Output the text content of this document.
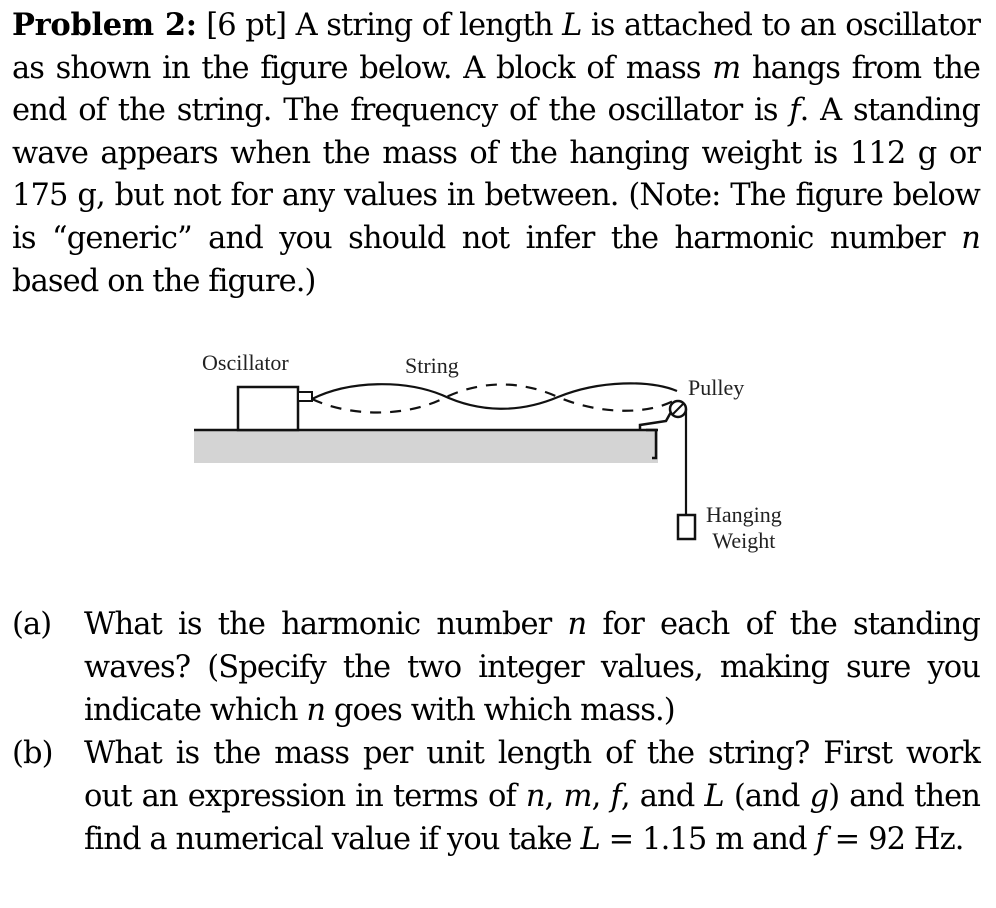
Problem 2: [6 pt] A string of length L is attached to an oscillator as shown in the figure below. A block of mass m hangs from the end of the string. The frequency of the oscillator is f. A standing wave appears when the mass of the hanging weight is 112 g or 175 g, but not for any values in between. (Note: The figure below is “generic” and you should not infer the harmonic number n based on the figure.)
Oscillator	String
Pulley
Hanging
Weight
(a)	What is the harmonic number n for each of the standing waves? (Specify the two integer values, making sure you indicate which n goes with which mass.)
(b)	What is the mass per unit length of the string? First work out an expression in terms of n, m, f, and L (and g) and then find a numerical value if you take L = 1.15 m and f = 92 Hz.
